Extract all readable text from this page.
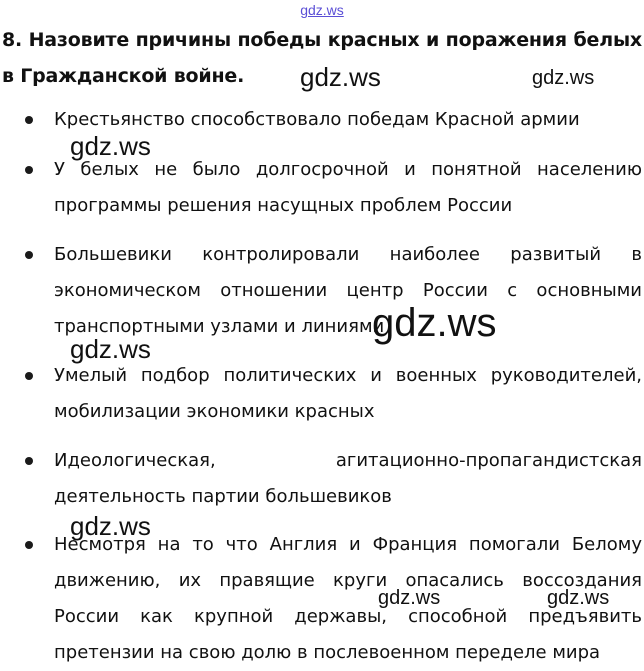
gdz.ws
8. Назовите причины победы красных и поражения белых в Гражданской войне.
Крестьянство способствовало победам Красной армии
У белых не было долгосрочной и понятной населению программы решения насущных проблем России
Большевики контролировали наиболее развитый в экономическом отношении центр России с основными транспортными узлами и линиями
Умелый подбор политических и военных руководителей, мобилизации экономики красных
Идеологическая, агитационно-пропагандистская деятельность партии большевиков
Несмотря на то что Англия и Франция помогали Белому движению, их правящие круги опасались воссоздания России как крупной державы, способной предъявить претензии на свою долю в послевоенном переделе мира
gdz.ws	gdz.ws
gdz.ws
gdz.ws
gdz.ws
gdz.ws
gdz.ws	gdz.ws
